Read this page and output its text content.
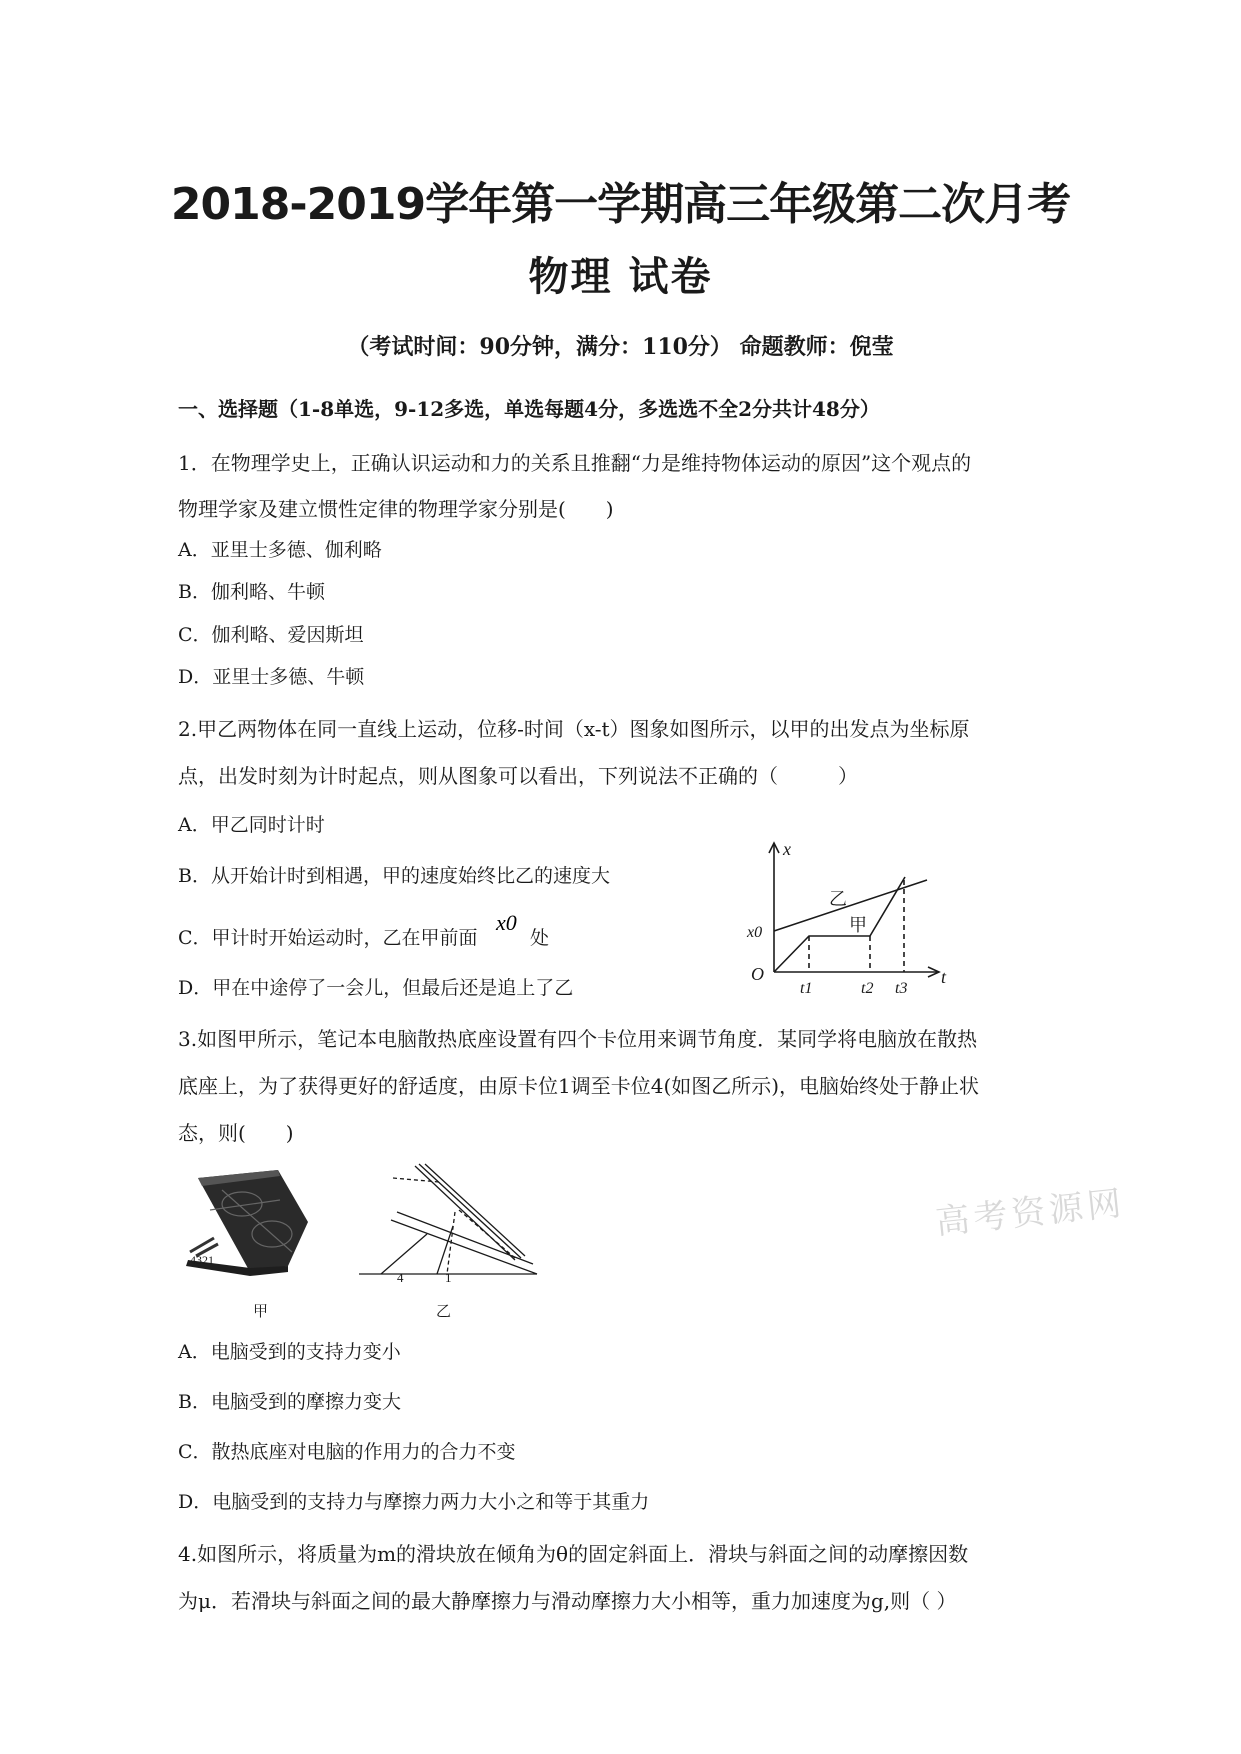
2018-2019学年第一学期高三年级第二次月考
物理 试卷
（考试时间：90分钟，满分：110分） 命题教师：倪莹
一、选择题（1-8单选，9-12多选，单选每题4分，多选选不全2分共计48分）
1．在物理学史上，正确认识运动和力的关系且推翻“力是维持物体运动的原因”这个观点的
物理学家及建立惯性定律的物理学家分别是(　　)
A．亚里士多德、伽利略
B．伽利略、牛顿
C．伽利略、爱因斯坦
D．亚里士多德、牛顿
2.甲乙两物体在同一直线上运动，位移-时间（x-t）图象如图所示，以甲的出发点为坐标原
点，出发时刻为计时起点，则从图象可以看出，下列说法不正确的（　　　）
A．甲乙同时计时
B．从开始计时到相遇，甲的速度始终比乙的速度大
C．甲计时开始运动时，乙在甲前面
x0
处
D．甲在中途停了一会儿，但最后还是追上了乙
x
t
O
x0
t1	t2 t3
乙
甲
3.如图甲所示，笔记本电脑散热底座设置有四个卡位用来调节角度．某同学将电脑放在散热
底座上，为了获得更好的舒适度，由原卡位1调至卡位4(如图乙所示)，电脑始终处于静止状
态，则(　　)
4321
甲
4	1
乙
高考资源网
A．电脑受到的支持力变小
B．电脑受到的摩擦力变大
C．散热底座对电脑的作用力的合力不变
D．电脑受到的支持力与摩擦力两力大小之和等于其重力
4.如图所示，将质量为m的滑块放在倾角为θ的固定斜面上．滑块与斜面之间的动摩擦因数
为μ．若滑块与斜面之间的最大静摩擦力与滑动摩擦力大小相等，重力加速度为g,则（ ）
